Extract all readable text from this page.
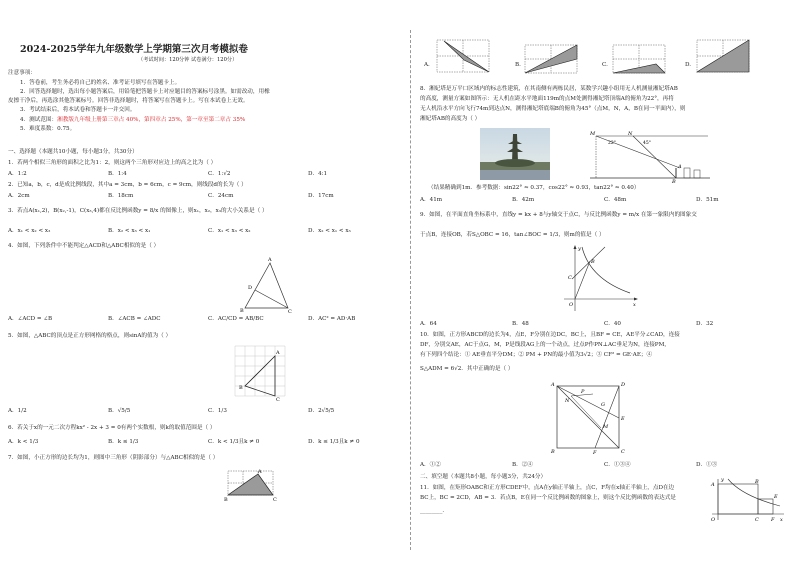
2024-2025学年九年级数学上学期第三次月考模拟卷
（考试时间：120分钟 试卷满分：120分）
注意事项：
1．答卷前，考生务必将自己的姓名、准考证号填写在答题卡上。
2．回答选择题时，选出每小题答案后，用铅笔把答题卡上对应题目的答案标号涂黑。如需改动，用橡
皮擦干净后，再选涂其他答案标号。回答非选择题时，将答案写在答题卡上。写在本试卷上无效。
3．考试结束后，将本试卷和答题卡一并交回。
4．测试范围：湘教版九年级上册第三章占 40%，第四章占 25%，第一章至第二章占 35%
5．难度系数：0.75。
一、选择题（本题共10小题，每小题3分，共30分）
1．若两个相似三角形的面积之比为1：2，则这两个三角形对应边上的高之比为（ ）
A．1:2	B．1:4	C．1:√2	D．4:1
2．已知a，b，c，d是成比例线段，其中a = 3cm，b = 6cm，c = 9cm，则线段d的长为（ ）
A．2cm	B．18cm	C．24cm	D．17cm
3．若点A(x₁,2)，B(x₂,-1)，C(x₃,4)都在反比例函数y = 8/x 的图像上，则x₁，x₂，x₃的大小关系是（ ）
A．x₁ < x₂ < x₃	B．x₂ < x₃ < x₁	C．x₁ < x₃ < x₂	D．x₂ < x₁ < x₃
4．如图，下列条件中不能判定△ACD和△ABC相似的是（ ）
A
D
B	C
A．∠ACD = ∠B	B．∠ACB = ∠ADC	C．AC/CD = AB/BC	D．AC² = AD·AB
5．如图，△ABC的顶点是正方形网格的格点，则sinA的值为（ ）
A
B
C
A．1/2	B．√5/5	C．1/3	D．2√5/5
6．若关于x的一元二次方程kx² - 2x + 3 = 0有两个实数根，则k的取值范围是（ ）
A．k < 1/3	B．k ≤ 1/3	C．k < 1/3且k ≠ 0	D．k ≤ 1/3且k ≠ 0
7．如图，小正方形的边长均为1，则图中三角形（阴影部分）与△ABC相似的是（ ）
A
B	C
A.	B.	C.	D.
8．湘妃塔是万平口区域内的标志性建筑，在其南侧有两栋民居，某数学兴趣小组用无人机测量湘妃塔AB
的高度，测量方案如图所示：无人机在距水平地面119m的点M处测得湘妃塔顶端A的俯角为22°，再将
无人机沿水平方向飞行74m到达点N，测得湘妃塔底端B的俯角为45°（点M，N，A，B在同一平面内），则
湘妃塔AB的高度为（ ）
M	N
22°	45°
A
B
（结果精确到1m．参考数据：sin22° ≈ 0.37，cos22° ≈ 0.93，tan22° ≈ 0.40）
A．41m	B．42m	C．48m	D．51m
9．如图，在平面直角坐标系中，直线y = kx + 8与y轴交于点C，与反比例函数y = m/x 在第一象限内的图象交
于点B，连接OB，若S△OBC = 16，tan∠BOC = 1/3，则m的值是（ ）
y
C
B
O	x
A．64	B．48	C．40	D．32
10．如图，正方形ABCD的边长为4，点E，F分别在边DC，BC上，且BF = CE，AE平分∠CAD，连接
DF，分别交AE，AC于点G，M，P是线段AG上的一个动点，过点P作PN⊥AC垂足为N，连接PM，
有下列四个结论：① AE垂直平分DM；② PM + PN的最小值为3√2；③ CF² = GE·AE；④
S△ADM = 6√2．其中正确的是（ ）
A	D
P
G
N
M
E
B	F	C
A．①②	B．②④	C．①③④	D．①③
二、填空题（本题共8小题，每小题3分，共24分）
11．如图，在矩形OABC和正方形CDEF中，点A在y轴正半轴上，点C，F均在x轴正半轴上，点D在边
BC上，BC = 2CD，AB = 3．若点B，E在同一个反比例函数的图象上，则这个反比例函数的表达式是
________．
y
A	B
E
O	C F x
